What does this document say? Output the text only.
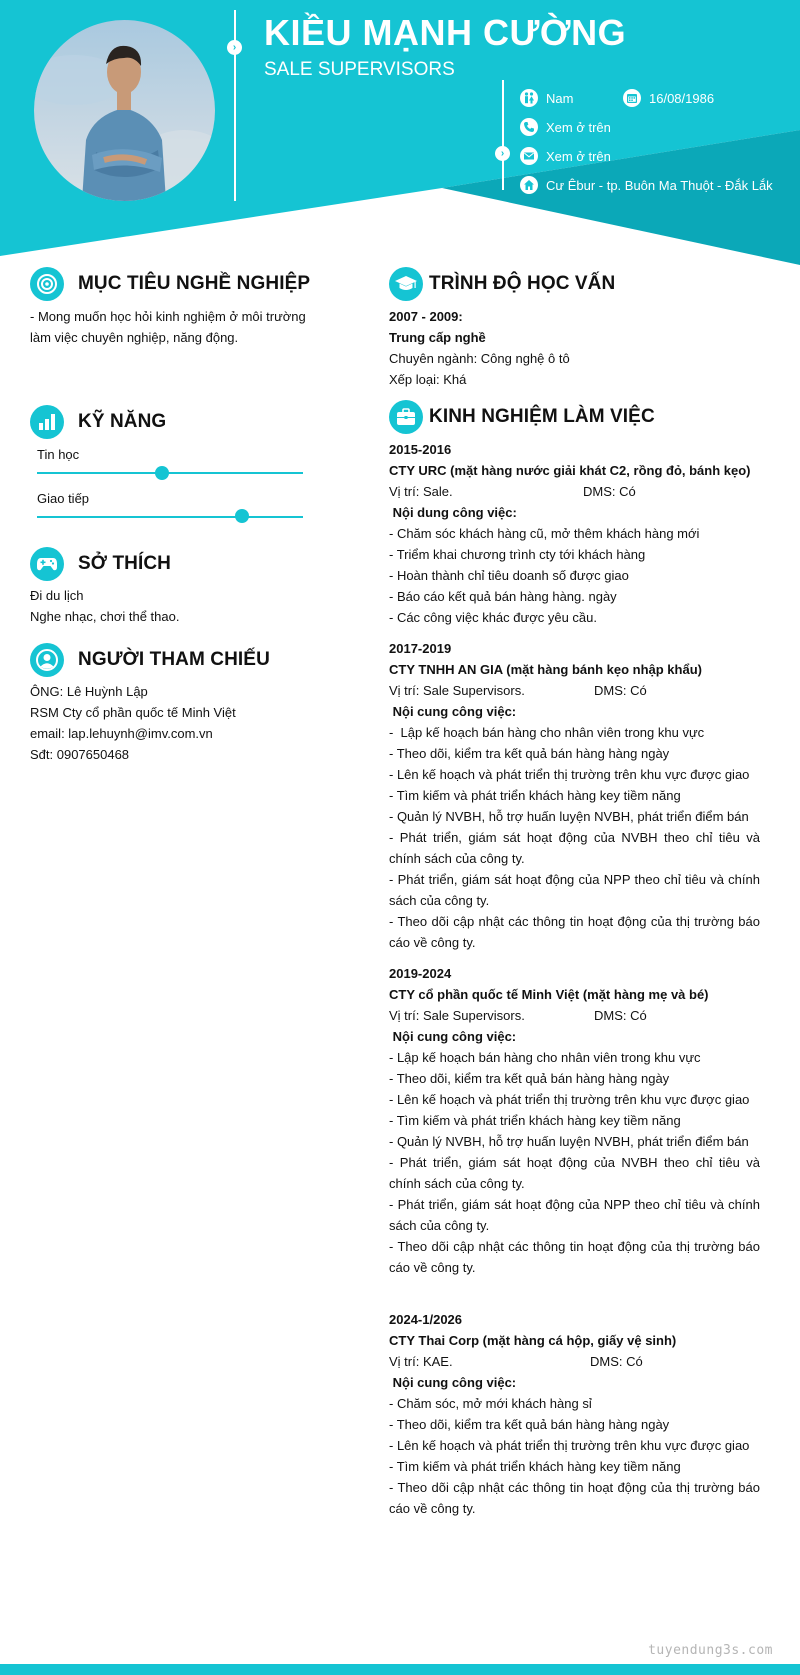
› KIỀU MẠNH CƯỜNG
SALE SUPERVISORS
›
Nam	16/08/1986
Xem ở trên
Xem ở trên
Cư Êbur - tp. Buôn Ma Thuột - Đắk Lắk
MỤC TIÊU NGHỀ NGHIỆP

- Mong muốn học hỏi kinh nghiệm ở môi trường

làm việc chuyên nghiệp, năng động.

KỸ NĂNG
Tin học
Giao tiếp
SỞ THÍCH

Đi du lịch

Nghe nhạc, chơi thể thao.

NGƯỜI THAM CHIẾU

ÔNG: Lê Huỳnh Lập

RSM Cty cổ phần quốc tế Minh Việt

email: lap.lehuynh@imv.com.vn

Sđt: 0907650468

TRÌNH ĐỘ HỌC VẤN

2007 - 2009:

Trung cấp nghề

Chuyên ngành: Công nghệ ô tô

Xếp loại: Khá

KINH NGHIỆM LÀM VIỆC

2015-2016

CTY URC (mặt hàng nước giải khát C2, rồng đỏ, bánh kẹo)

Vị trí: Sale.	DMS: Có

Nội dung công việc:

- Chăm sóc khách hàng cũ, mở thêm khách hàng mới

- Triểm khai chương trình cty tới khách hàng

- Hoàn thành chỉ tiêu doanh số được giao

- Báo cáo kết quả bán hàng hàng. ngày

- Các công việc khác được yêu cầu.

2017-2019

CTY TNHH AN GIA (mặt hàng bánh kẹo nhập khẩu)

Vị trí: Sale Supervisors.	DMS: Có

Nội cung công việc:

-  Lập kế hoạch bán hàng cho nhân viên trong khu vực

- Theo dõi, kiểm tra kết quả bán hàng hàng ngày

- Lên kế hoạch và phát triển thị trường trên khu vực được giao

- Tìm kiếm và phát triển khách hàng key tiềm năng

- Quản lý NVBH, hỗ trợ huấn luyện NVBH, phát triển điểm bán

- Phát triển, giám sát hoạt động của NVBH theo chỉ tiêu và chính sách của công ty.

- Phát triển, giám sát hoạt động của NPP theo chỉ tiêu và chính sách của công ty.

- Theo dõi cập nhật các thông tin hoạt động của thị trường báo cáo về công ty.

2019-2024

CTY cổ phần quốc tế Minh Việt (mặt hàng mẹ và bé)

Vị trí: Sale Supervisors.	DMS: Có

Nội cung công việc:

- Lập kế hoạch bán hàng cho nhân viên trong khu vực

- Theo dõi, kiểm tra kết quả bán hàng hàng ngày

- Lên kế hoạch và phát triển thị trường trên khu vực được giao

- Tìm kiếm và phát triển khách hàng key tiềm năng

- Quản lý NVBH, hỗ trợ huấn luyện NVBH, phát triển điểm bán

- Phát triển, giám sát hoạt động của NVBH theo chỉ tiêu và chính sách của công ty.

- Phát triển, giám sát hoạt động của NPP theo chỉ tiêu và chính sách của công ty.

- Theo dõi cập nhật các thông tin hoạt động của thị trường báo cáo về công ty.

2024-1/2026

CTY Thai Corp (mặt hàng cá hộp, giấy vệ sinh)

Vị trí: KAE.	DMS: Có

Nội cung công việc:

- Chăm sóc, mở mới khách hàng sỉ

- Theo dõi, kiểm tra kết quả bán hàng hàng ngày

- Lên kế hoạch và phát triển thị trường trên khu vực được giao

- Tìm kiếm và phát triển khách hàng key tiềm năng

- Theo dõi cập nhật các thông tin hoạt động của thị trường báo cáo về công ty.

tuyendung3s.com
